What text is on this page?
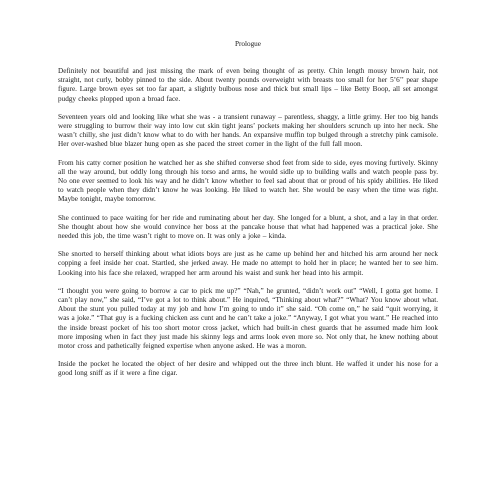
Prologue

Definitely not beautiful and just missing the mark of even being thought of as pretty. Chin length mousy brown hair, not straight, not curly, bobby pinned to the side. About twenty pounds overweight with breasts too small for her 5’6’’ pear shape figure. Large brown eyes set too far apart, a slightly bulbous nose and thick but small lips – like Betty Boop, all set amongst pudgy cheeks plopped upon a broad face.

Seventeen years old and looking like what she was - a transient runaway – parentless, shaggy, a little grimy. Her too big hands were struggling to burrow their way into low cut skin tight jeans’ pockets making her shoulders scrunch up into her neck. She wasn’t chilly, she just didn’t know what to do with her hands. An expansive muffin top bulged through a stretchy pink camisole. Her over-washed blue blazer hung open as she paced the street corner in the light of the full fall moon.

From his catty corner position he watched her as she shifted converse shod feet from side to side, eyes moving furtively. Skinny all the way around, but oddly long through his torso and arms, he would sidle up to building walls and watch people pass by. No one ever seemed to look his way and he didn’t know whether to feel sad about that or proud of his spidy abilities. He liked to watch people when they didn’t know he was looking. He liked to watch her. She would be easy when the time was right. Maybe tonight, maybe tomorrow.

She continued to pace waiting for her ride and ruminating about her day. She longed for a blunt, a shot, and a lay in that order. She thought about how she would convince her boss at the pancake house that what had happened was a practical joke. She needed this job, the time wasn’t right to move on. It was only a joke – kinda.

She snorted to herself thinking about what idiots boys are just as he came up behind her and hitched his arm around her neck copping a feel inside her coat. Startled, she jerked away. He made no attempt to hold her in place; he wanted her to see him. Looking into his face she relaxed, wrapped her arm around his waist and sunk her head into his armpit.

“I thought you were going to borrow a car to pick me up?” “Nah,” he grunted, “didn’t work out” “Well, I gotta get home. I can’t play now,” she said, “I’ve got a lot to think about.” He inquired, “Thinking about what?” “What? You know about what. About the stunt you pulled today at my job and how I’m going to undo it” she said. “Oh come on,” he said “quit worrying, it was a joke.” “That guy is a fucking chicken ass cunt and he can’t take a joke.” “Anyway, I got what you want.” He reached into the inside breast pocket of his too short motor cross jacket, which had built-in chest guards that he assumed made him look more imposing when in fact they just made his skinny legs and arms look even more so. Not only that, he knew nothing about motor cross and pathetically feigned expertise when anyone asked. He was a moron.

Inside the pocket he located the object of her desire and whipped out the three inch blunt. He waffed it under his nose for a good long sniff as if it were a fine cigar.
